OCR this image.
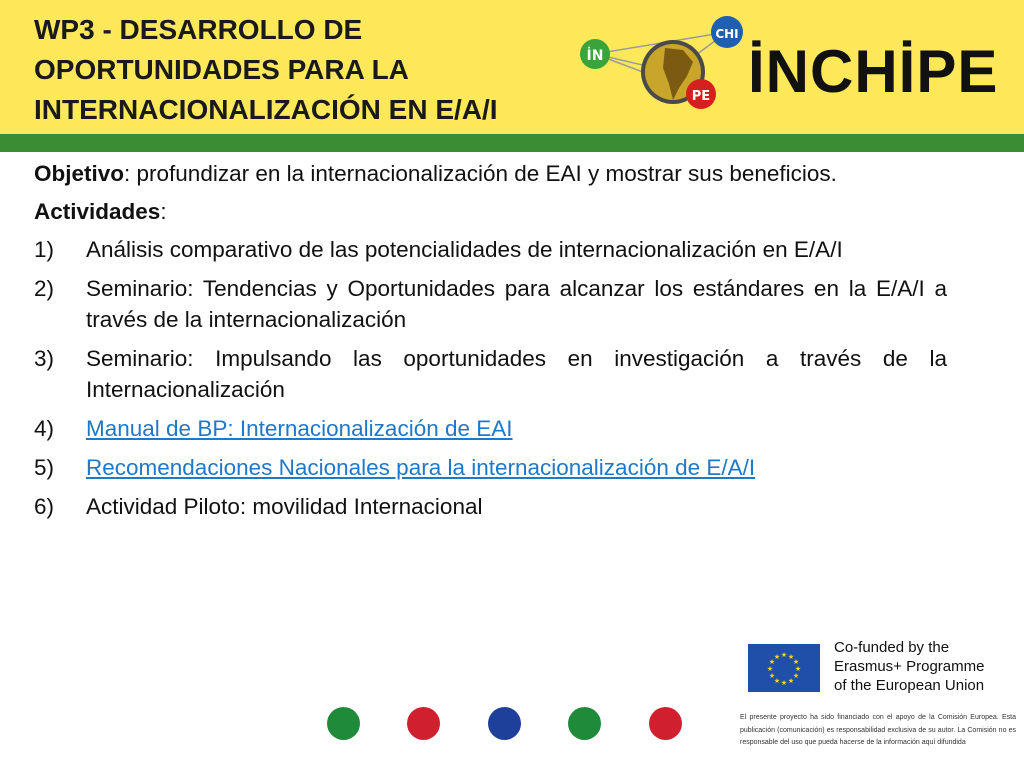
WP3 - DESARROLLO DE
OPORTUNIDADES PARA LA
INTERNACIONALIZACIÓN EN E/A/I
İN
CHI
PE İNCHİPE

Objetivo: profundizar en la internacionalización de EAI y mostrar sus beneficios.

Actividades:

1) Análisis comparativo de las potencialidades de internacionalización en E/A/I
2) Seminario: Tendencias y Oportunidades para alcanzar los estándares en la E/A/I a través de la internacionalización
3) Seminario: Impulsando las oportunidades en investigación a través de la Internacionalización
4) Manual de BP: Internacionalización de EAI
5) Recomendaciones Nacionales para la internacionalización de E/A/I
6) Actividad Piloto: movilidad Internacional
★ ★
★
★
★
★
★
★
★
★
★
★
Co-funded by the
Erasmus+ Programme
of the European Union
El presente proyecto ha sido financiado con el apoyo de la Comisión Europea. Esta publicación (comunicación) es responsabilidad exclusiva de su autor. La Comisión no es responsable del uso que pueda hacerse de la información aquí difundida
